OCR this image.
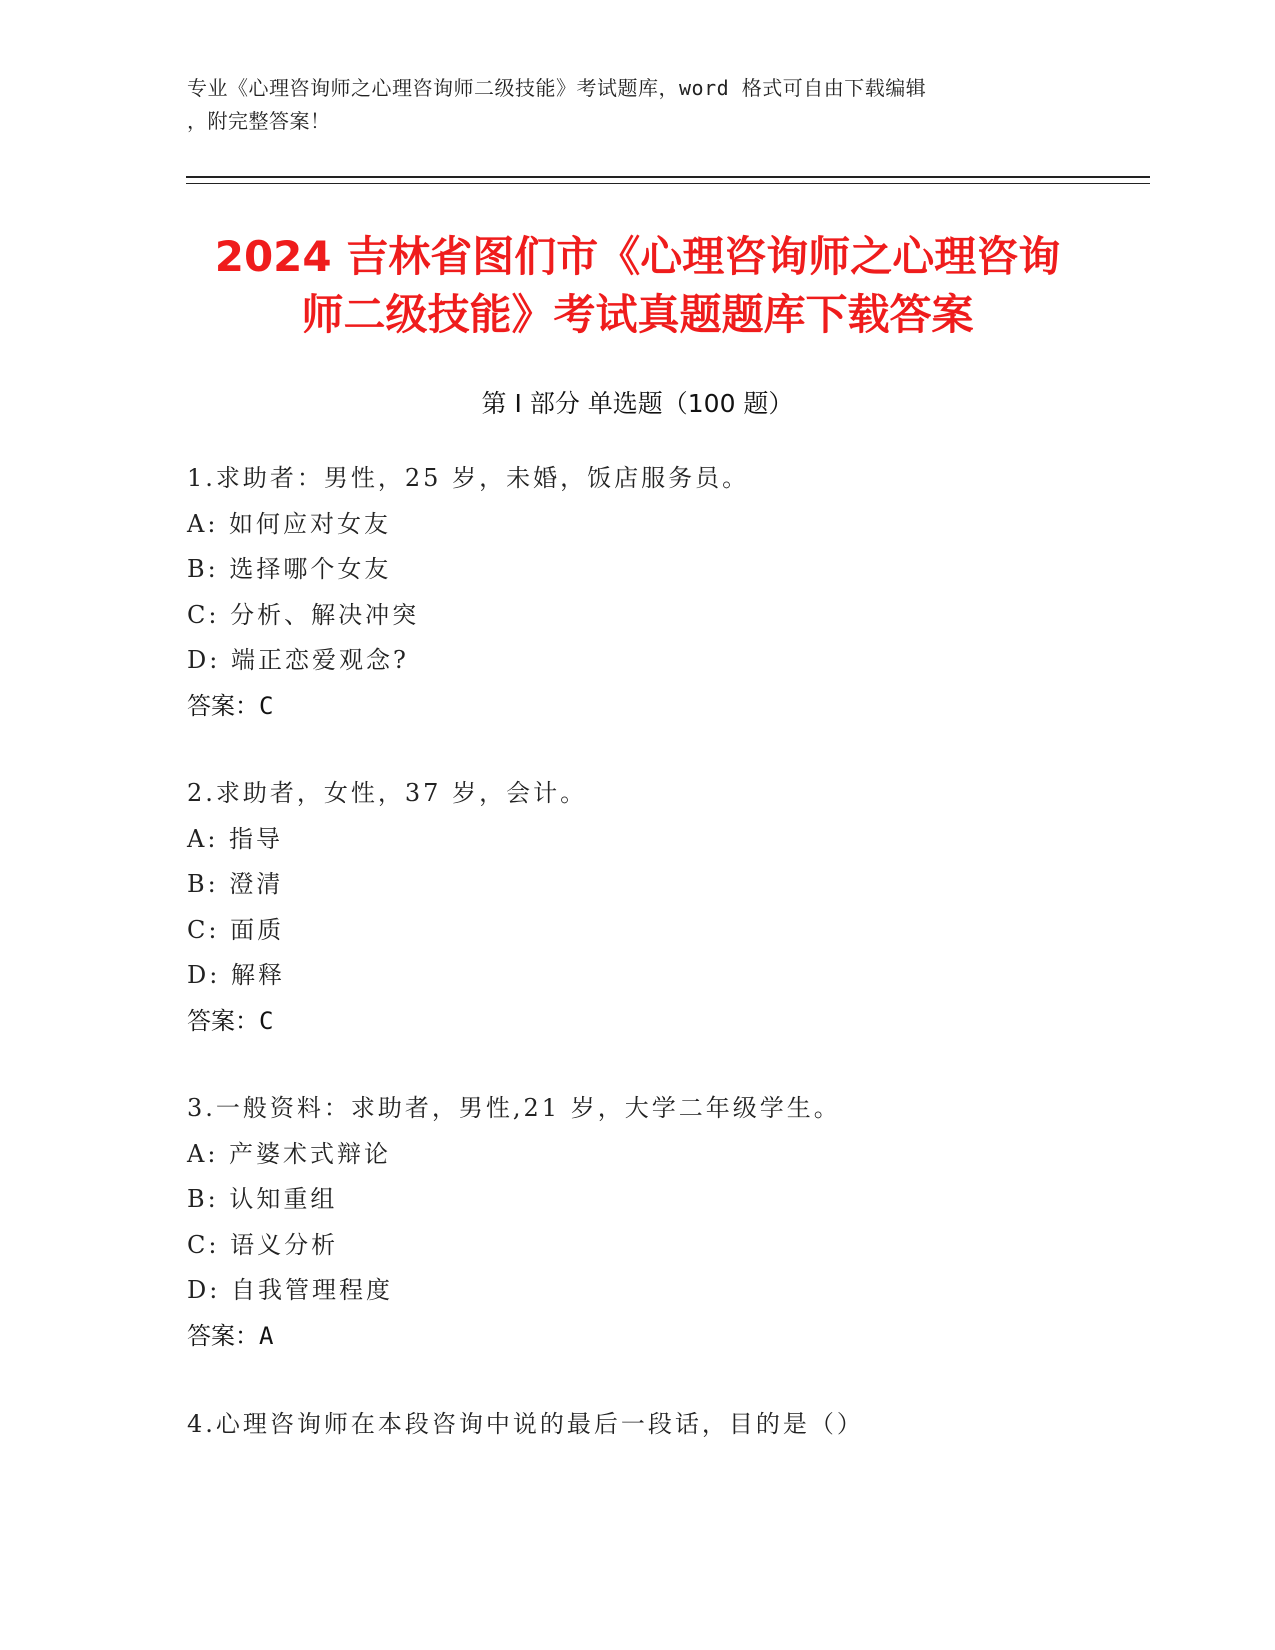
专业《心理咨询师之心理咨询师二级技能》考试题库，word 格式可自由下载编辑
，附完整答案！
2024 吉林省图们市《心理咨询师之心理咨询
师二级技能》考试真题题库下载答案
第 I 部分 单选题（100 题）
1.求助者：男性，25 岁，未婚，饭店服务员。
A: 如何应对女友
B: 选择哪个女友
C: 分析、解决冲突
D: 端正恋爱观念?
答案：C
2.求助者，女性，37 岁，会计。
A: 指导
B: 澄清
C: 面质
D: 解释
答案：C
3.一般资料：求助者，男性,21 岁，大学二年级学生。
A: 产婆术式辩论
B: 认知重组
C: 语义分析
D: 自我管理程度
答案：A
4.心理咨询师在本段咨询中说的最后一段话，目的是（）
